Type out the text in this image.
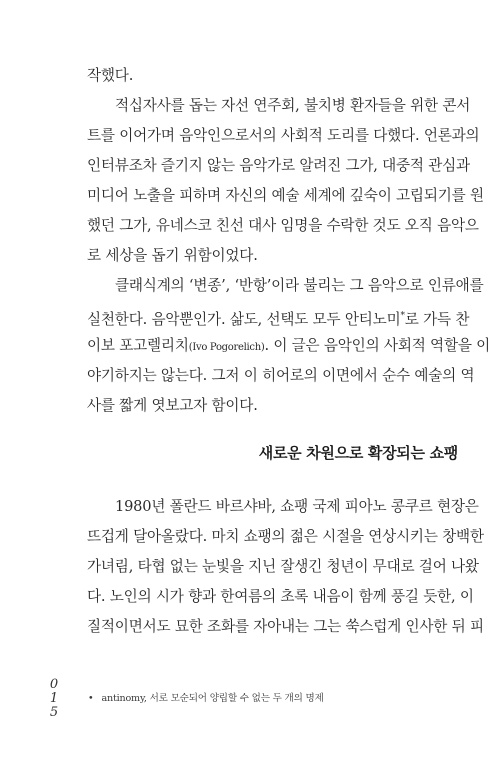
작했다.
적십자사를 돕는 자선 연주회, 불치병 환자들을 위한 콘서
트를 이어가며 음악인으로서의 사회적 도리를 다했다. 언론과의
인터뷰조차 즐기지 않는 음악가로 알려진 그가, 대중적 관심과
미디어 노출을 피하며 자신의 예술 세계에 깊숙이 고립되기를 원
했던 그가, 유네스코 친선 대사 임명을 수락한 것도 오직 음악으
로 세상을 돕기 위함이었다.
클래식계의 ‘변종’, ‘반항’이라 불리는 그 음악으로 인류애를
실천한다. 음악뿐인가. 삶도, 선택도 모두 안티노미*로 가득 찬
이보 포고렐리치(Ivo Pogorelich). 이 글은 음악인의 사회적 역할을 이
야기하지는 않는다. 그저 이 히어로의 이면에서 순수 예술의 역
사를 짧게 엿보고자 함이다.
새로운 차원으로 확장되는 쇼팽
1980년 폴란드 바르샤바, 쇼팽 국제 피아노 콩쿠르 현장은
뜨겁게 달아올랐다. 마치 쇼팽의 젊은 시절을 연상시키는 창백한
가녀림, 타협 없는 눈빛을 지닌 잘생긴 청년이 무대로 걸어 나왔
다. 노인의 시가 향과 한여름의 초록 내음이 함께 풍길 듯한, 이
질적이면서도 묘한 조화를 자아내는 그는 쑥스럽게 인사한 뒤 피
0
1
5
• antinomy, 서로 모순되어 양립할 수 없는 두 개의 명제
